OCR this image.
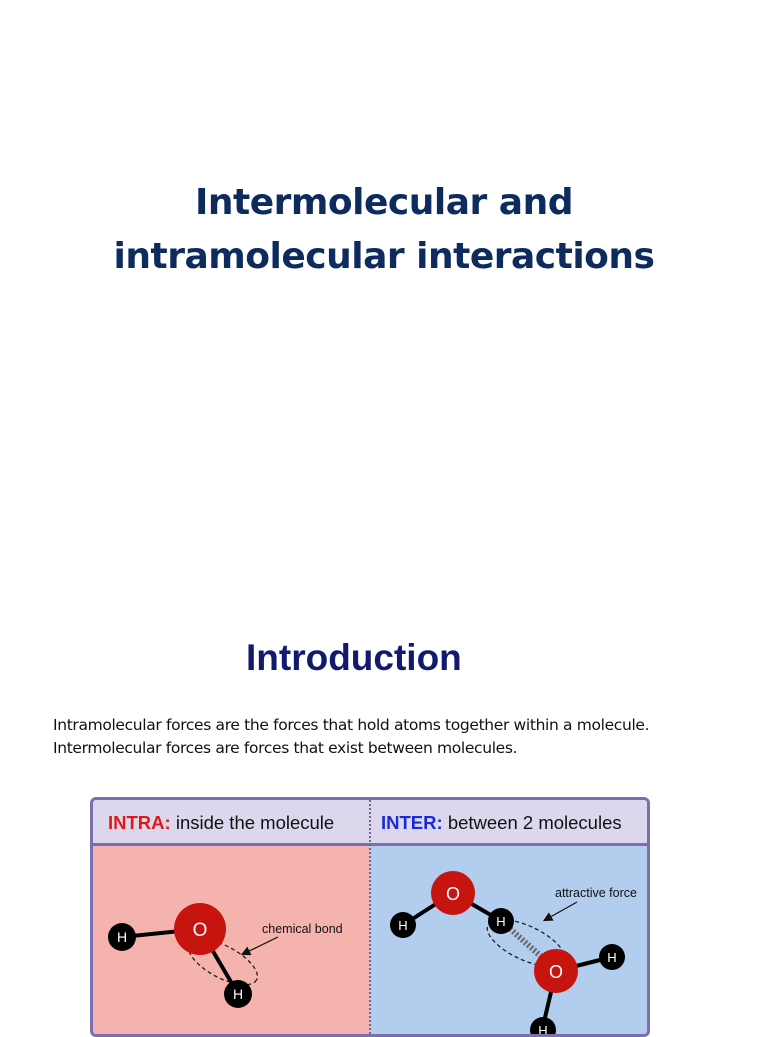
Intermolecular and
intramolecular interactions
Introduction
Intramolecular forces are the forces that hold atoms together within a molecule.
Intermolecular forces are forces that exist between molecules.
INTRA: inside the molecule	INTER: between 2 molecules
O
H
H
chemical bond
O
H	H
O
H
H
attractive force
